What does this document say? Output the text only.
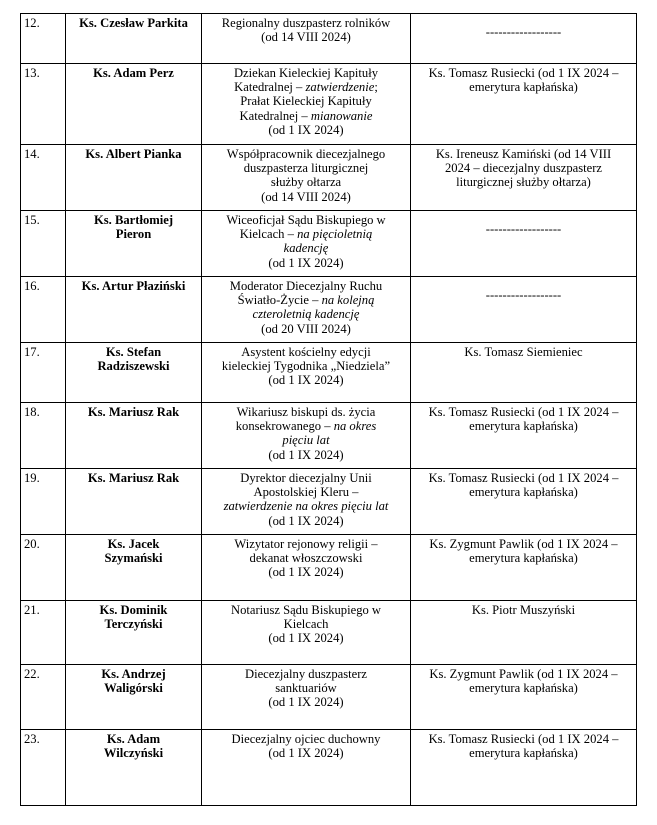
12.	Ks. Czesław Parkita	Regionalny duszpasterz rolników
(od 14 VIII 2024)	------------------

13.	Ks. Adam Perz	Dziekan Kieleckiej Kapituły
Katedralnej – zatwierdzenie;
Prałat Kieleckiej Kapituły
Katedralnej – mianowanie
(od 1 IX 2024)	Ks. Tomasz Rusiecki (od 1 IX 2024 –
emerytura kapłańska)

14.	Ks. Albert Pianka	Współpracownik diecezjalnego
duszpasterza liturgicznej
służby ołtarza
(od 14 VIII 2024)	Ks. Ireneusz Kamiński (od 14 VIII
2024 – diecezjalny duszpasterz
liturgicznej służby ołtarza)

15.	Ks. Bartłomiej
Pieron	Wiceoficjał Sądu Biskupiego w
Kielcach – na pięcioletnią
kadencję
(od 1 IX 2024)	------------------

16.	Ks. Artur Płaziński	Moderator Diecezjalny Ruchu
Światło-Życie – na kolejną
czteroletnią kadencję
(od 20 VIII 2024)	------------------

17.	Ks. Stefan
Radziszewski	Asystent kościelny edycji
kieleckiej Tygodnika „Niedziela”
(od 1 IX 2024)	Ks. Tomasz Siemieniec

18.	Ks. Mariusz Rak	Wikariusz biskupi ds. życia
konsekrowanego – na okres
pięciu lat
(od 1 IX 2024)	Ks. Tomasz Rusiecki (od 1 IX 2024 –
emerytura kapłańska)

19.	Ks. Mariusz Rak	Dyrektor diecezjalny Unii
Apostolskiej Kleru –
zatwierdzenie na okres pięciu lat
(od 1 IX 2024)	Ks. Tomasz Rusiecki (od 1 IX 2024 –
emerytura kapłańska)

20.	Ks. Jacek
Szymański	Wizytator rejonowy religii –
dekanat włoszczowski
(od 1 IX 2024)	Ks. Zygmunt Pawlik (od 1 IX 2024 –
emerytura kapłańska)

21.	Ks. Dominik
Terczyński	Notariusz Sądu Biskupiego w
Kielcach
(od 1 IX 2024)	Ks. Piotr Muszyński

22.	Ks. Andrzej
Waligórski	Diecezjalny duszpasterz
sanktuariów
(od 1 IX 2024)	Ks. Zygmunt Pawlik (od 1 IX 2024 –
emerytura kapłańska)

23.	Ks. Adam
Wilczyński	Diecezjalny ojciec duchowny
(od 1 IX 2024)	Ks. Tomasz Rusiecki (od 1 IX 2024 –
emerytura kapłańska)
